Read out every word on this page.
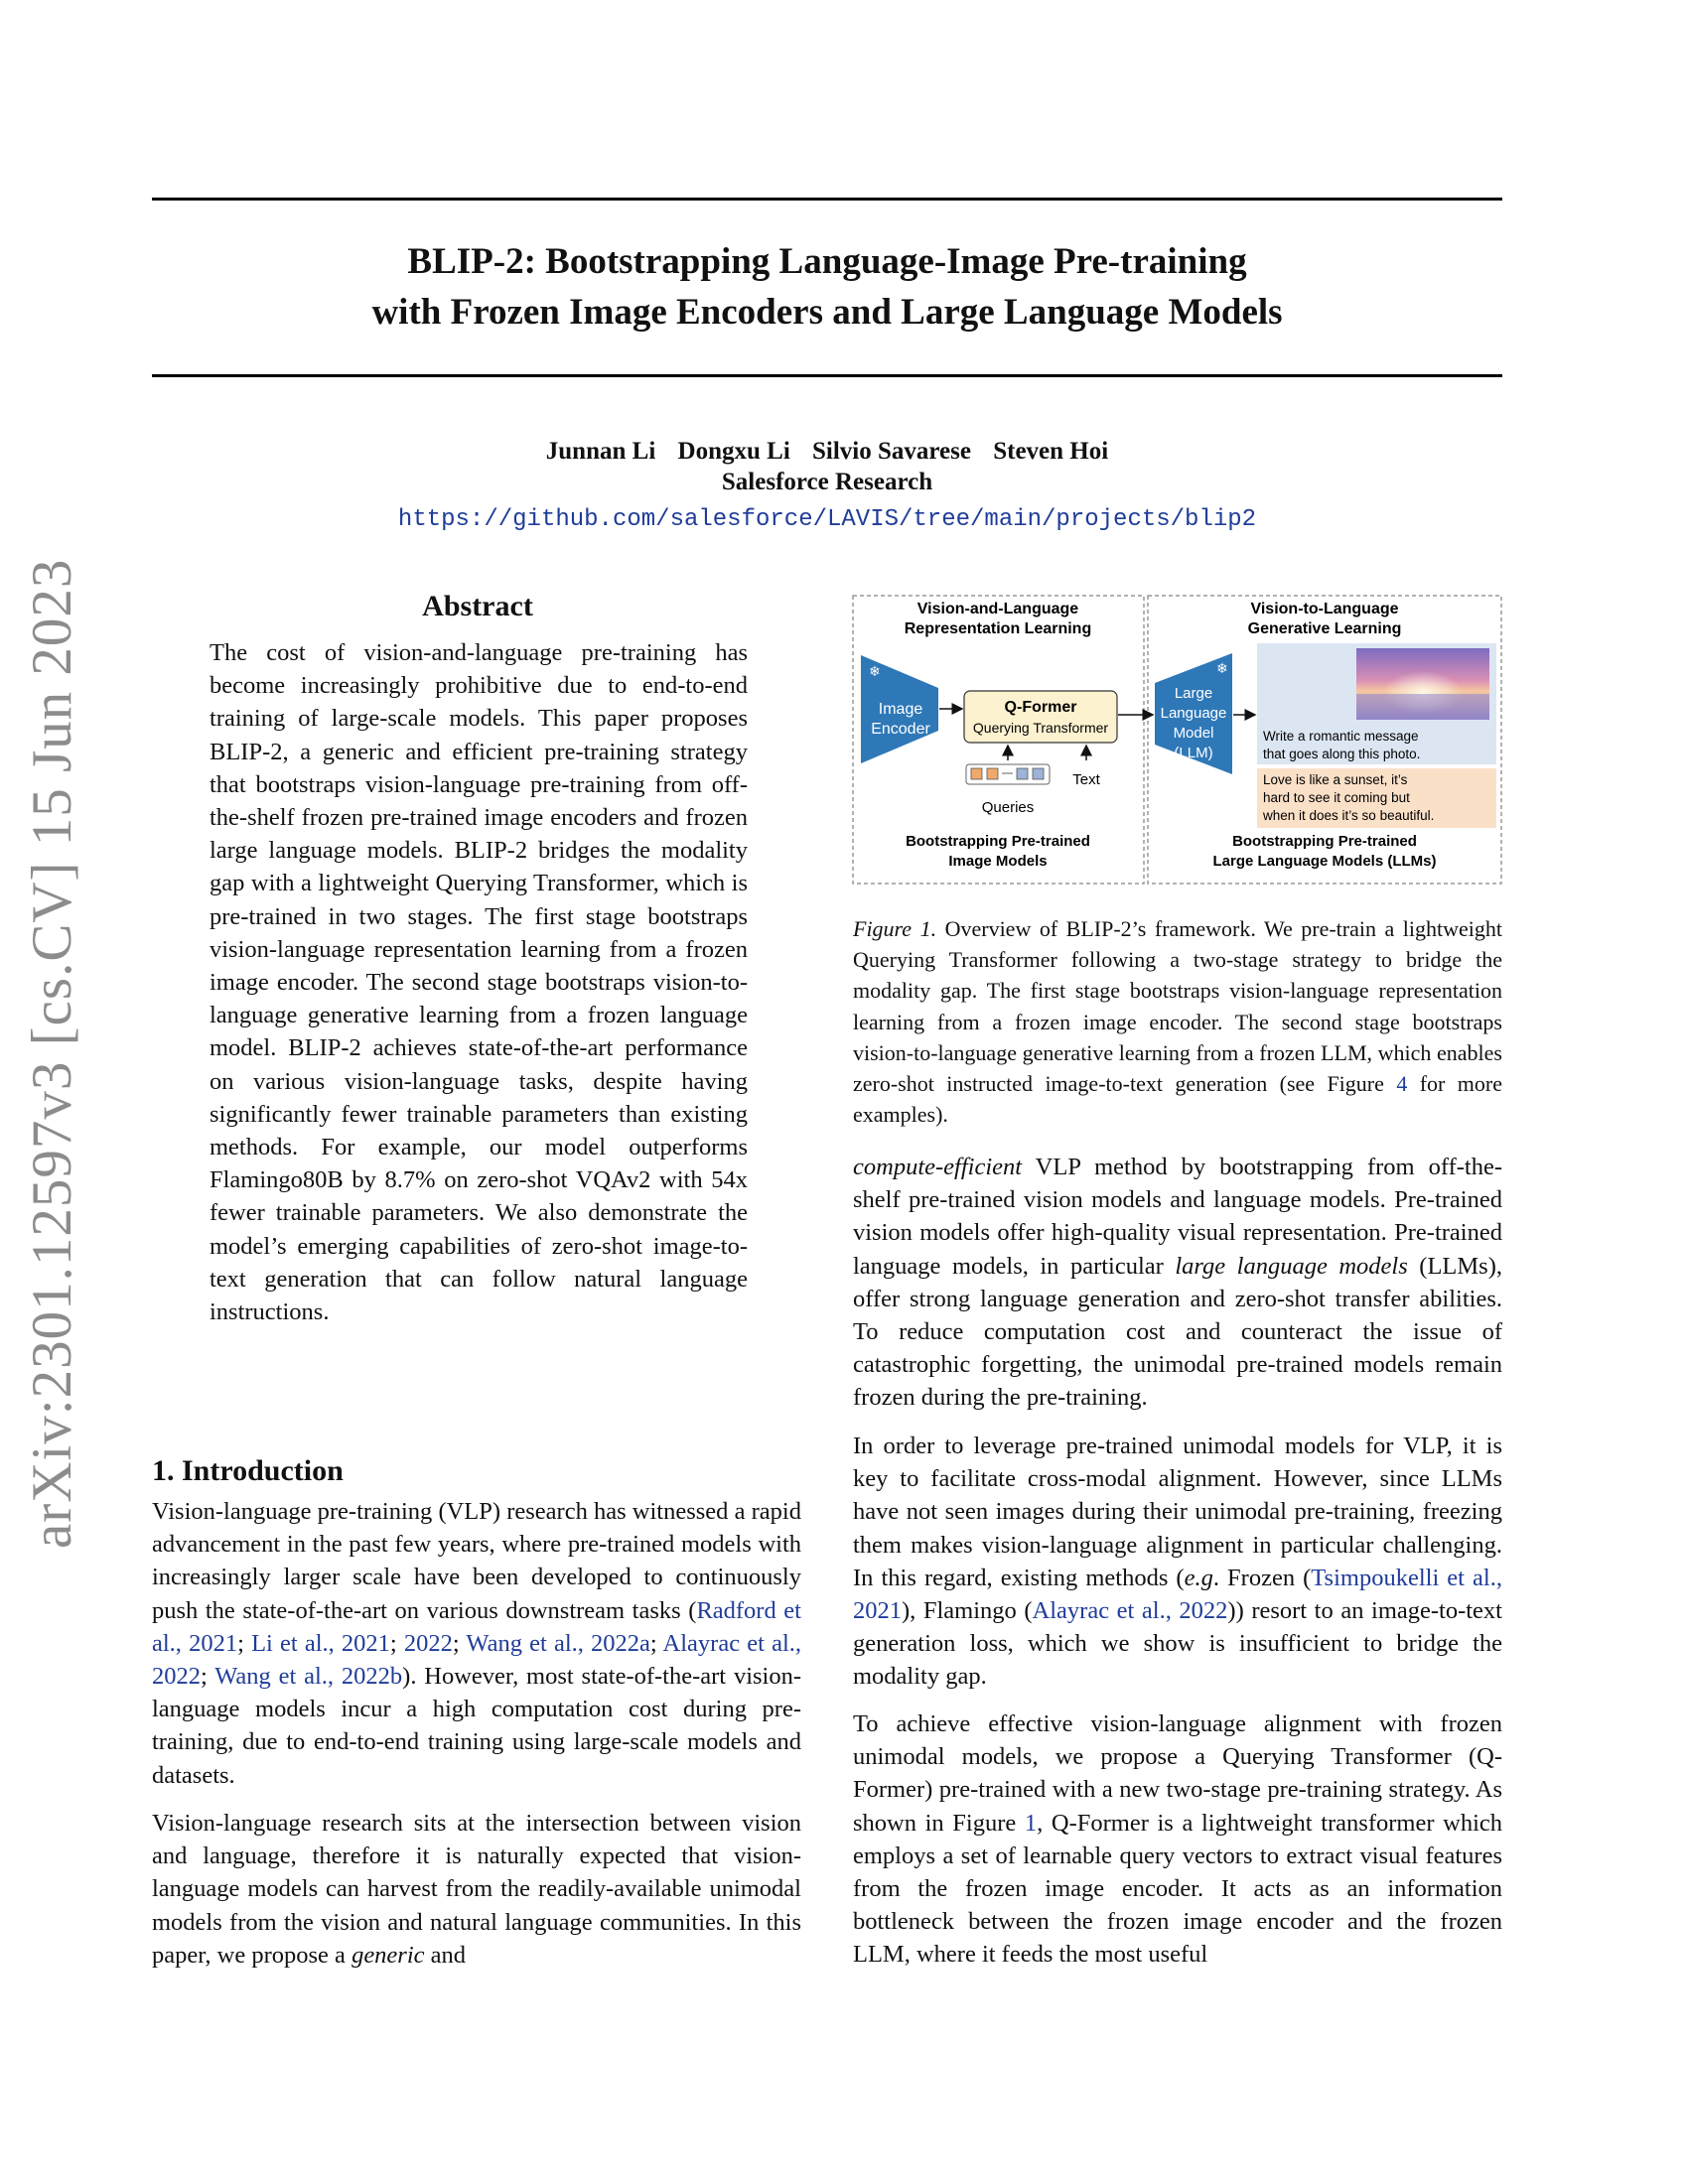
BLIP-2: Bootstrapping Language-Image Pre-training
with Frozen Image Encoders and Large Language Models
Junnan Li Dongxu Li Silvio Savarese Steven Hoi
Salesforce Research
https://github.com/salesforce/LAVIS/tree/main/projects/blip2
arXiv:2301.12597v3 [cs.CV] 15 Jun 2023	Abstract
The cost of vision-and-language pre-training has become increasingly prohibitive due to end-to-end training of large-scale models. This paper proposes BLIP-2, a generic and efficient pre-training strategy that bootstraps vision-language pre-training from off-the-shelf frozen pre-trained image encoders and frozen large language models. BLIP-2 bridges the modality gap with a lightweight Querying Transformer, which is pre-trained in two stages. The first stage bootstraps vision-language representation learning from a frozen image encoder. The second stage bootstraps vision-to-language generative learning from a frozen language model. BLIP-2 achieves state-of-the-art performance on various vision-language tasks, despite having significantly fewer trainable parameters than existing methods. For example, our model outperforms Flamingo80B by 8.7% on zero-shot VQAv2 with 54x fewer trainable parameters. We also demonstrate the model’s emerging capabilities of zero-shot image-to-text generation that can follow natural language instructions.
1. Introduction
Vision-language pre-training (VLP) research has witnessed a rapid advancement in the past few years, where pre-trained models with increasingly larger scale have been developed to continuously push the state-of-the-art on various downstream tasks (Radford et al., 2021; Li et al., 2021; 2022; Wang et al., 2022a; Alayrac et al., 2022; Wang et al., 2022b). However, most state-of-the-art vision-language models incur a high computation cost during pre-training, due to end-to-end training using large-scale models and datasets.
Vision-language research sits at the intersection between vision and language, therefore it is naturally expected that vision-language models can harvest from the readily-available unimodal models from the vision and natural language communities. In this paper, we propose a generic and
Vision-and-Language
Representation Learning
Vision-to-Language
Generative Learning
❄
Image
Encoder
Q-Former
Querying Transformer
Queries
Text
Bootstrapping Pre-trained
Image Models
❄
Large
Language
Model
(LLM)
Write a romantic message
that goes along this photo.
Love is like a sunset, it’s
hard to see it coming but
when it does it’s so beautiful.
Bootstrapping Pre-trained
Large Language Models (LLMs)
Figure 1. Overview of BLIP-2’s framework. We pre-train a lightweight Querying Transformer following a two-stage strategy to bridge the modality gap. The first stage bootstraps vision-language representation learning from a frozen image encoder. The second stage bootstraps vision-to-language generative learning from a frozen LLM, which enables zero-shot instructed image-to-text generation (see Figure 4 for more examples).
compute-efficient VLP method by bootstrapping from off-the-shelf pre-trained vision models and language models. Pre-trained vision models offer high-quality visual representation. Pre-trained language models, in particular large language models (LLMs), offer strong language generation and zero-shot transfer abilities. To reduce computation cost and counteract the issue of catastrophic forgetting, the unimodal pre-trained models remain frozen during the pre-training.
In order to leverage pre-trained unimodal models for VLP, it is key to facilitate cross-modal alignment. However, since LLMs have not seen images during their unimodal pre-training, freezing them makes vision-language alignment in particular challenging. In this regard, existing methods (e.g. Frozen (Tsimpoukelli et al., 2021), Flamingo (Alayrac et al., 2022)) resort to an image-to-text generation loss, which we show is insufficient to bridge the modality gap.
To achieve effective vision-language alignment with frozen unimodal models, we propose a Querying Transformer (Q-Former) pre-trained with a new two-stage pre-training strategy. As shown in Figure 1, Q-Former is a lightweight transformer which employs a set of learnable query vectors to extract visual features from the frozen image encoder. It acts as an information bottleneck between the frozen image encoder and the frozen LLM, where it feeds the most useful
